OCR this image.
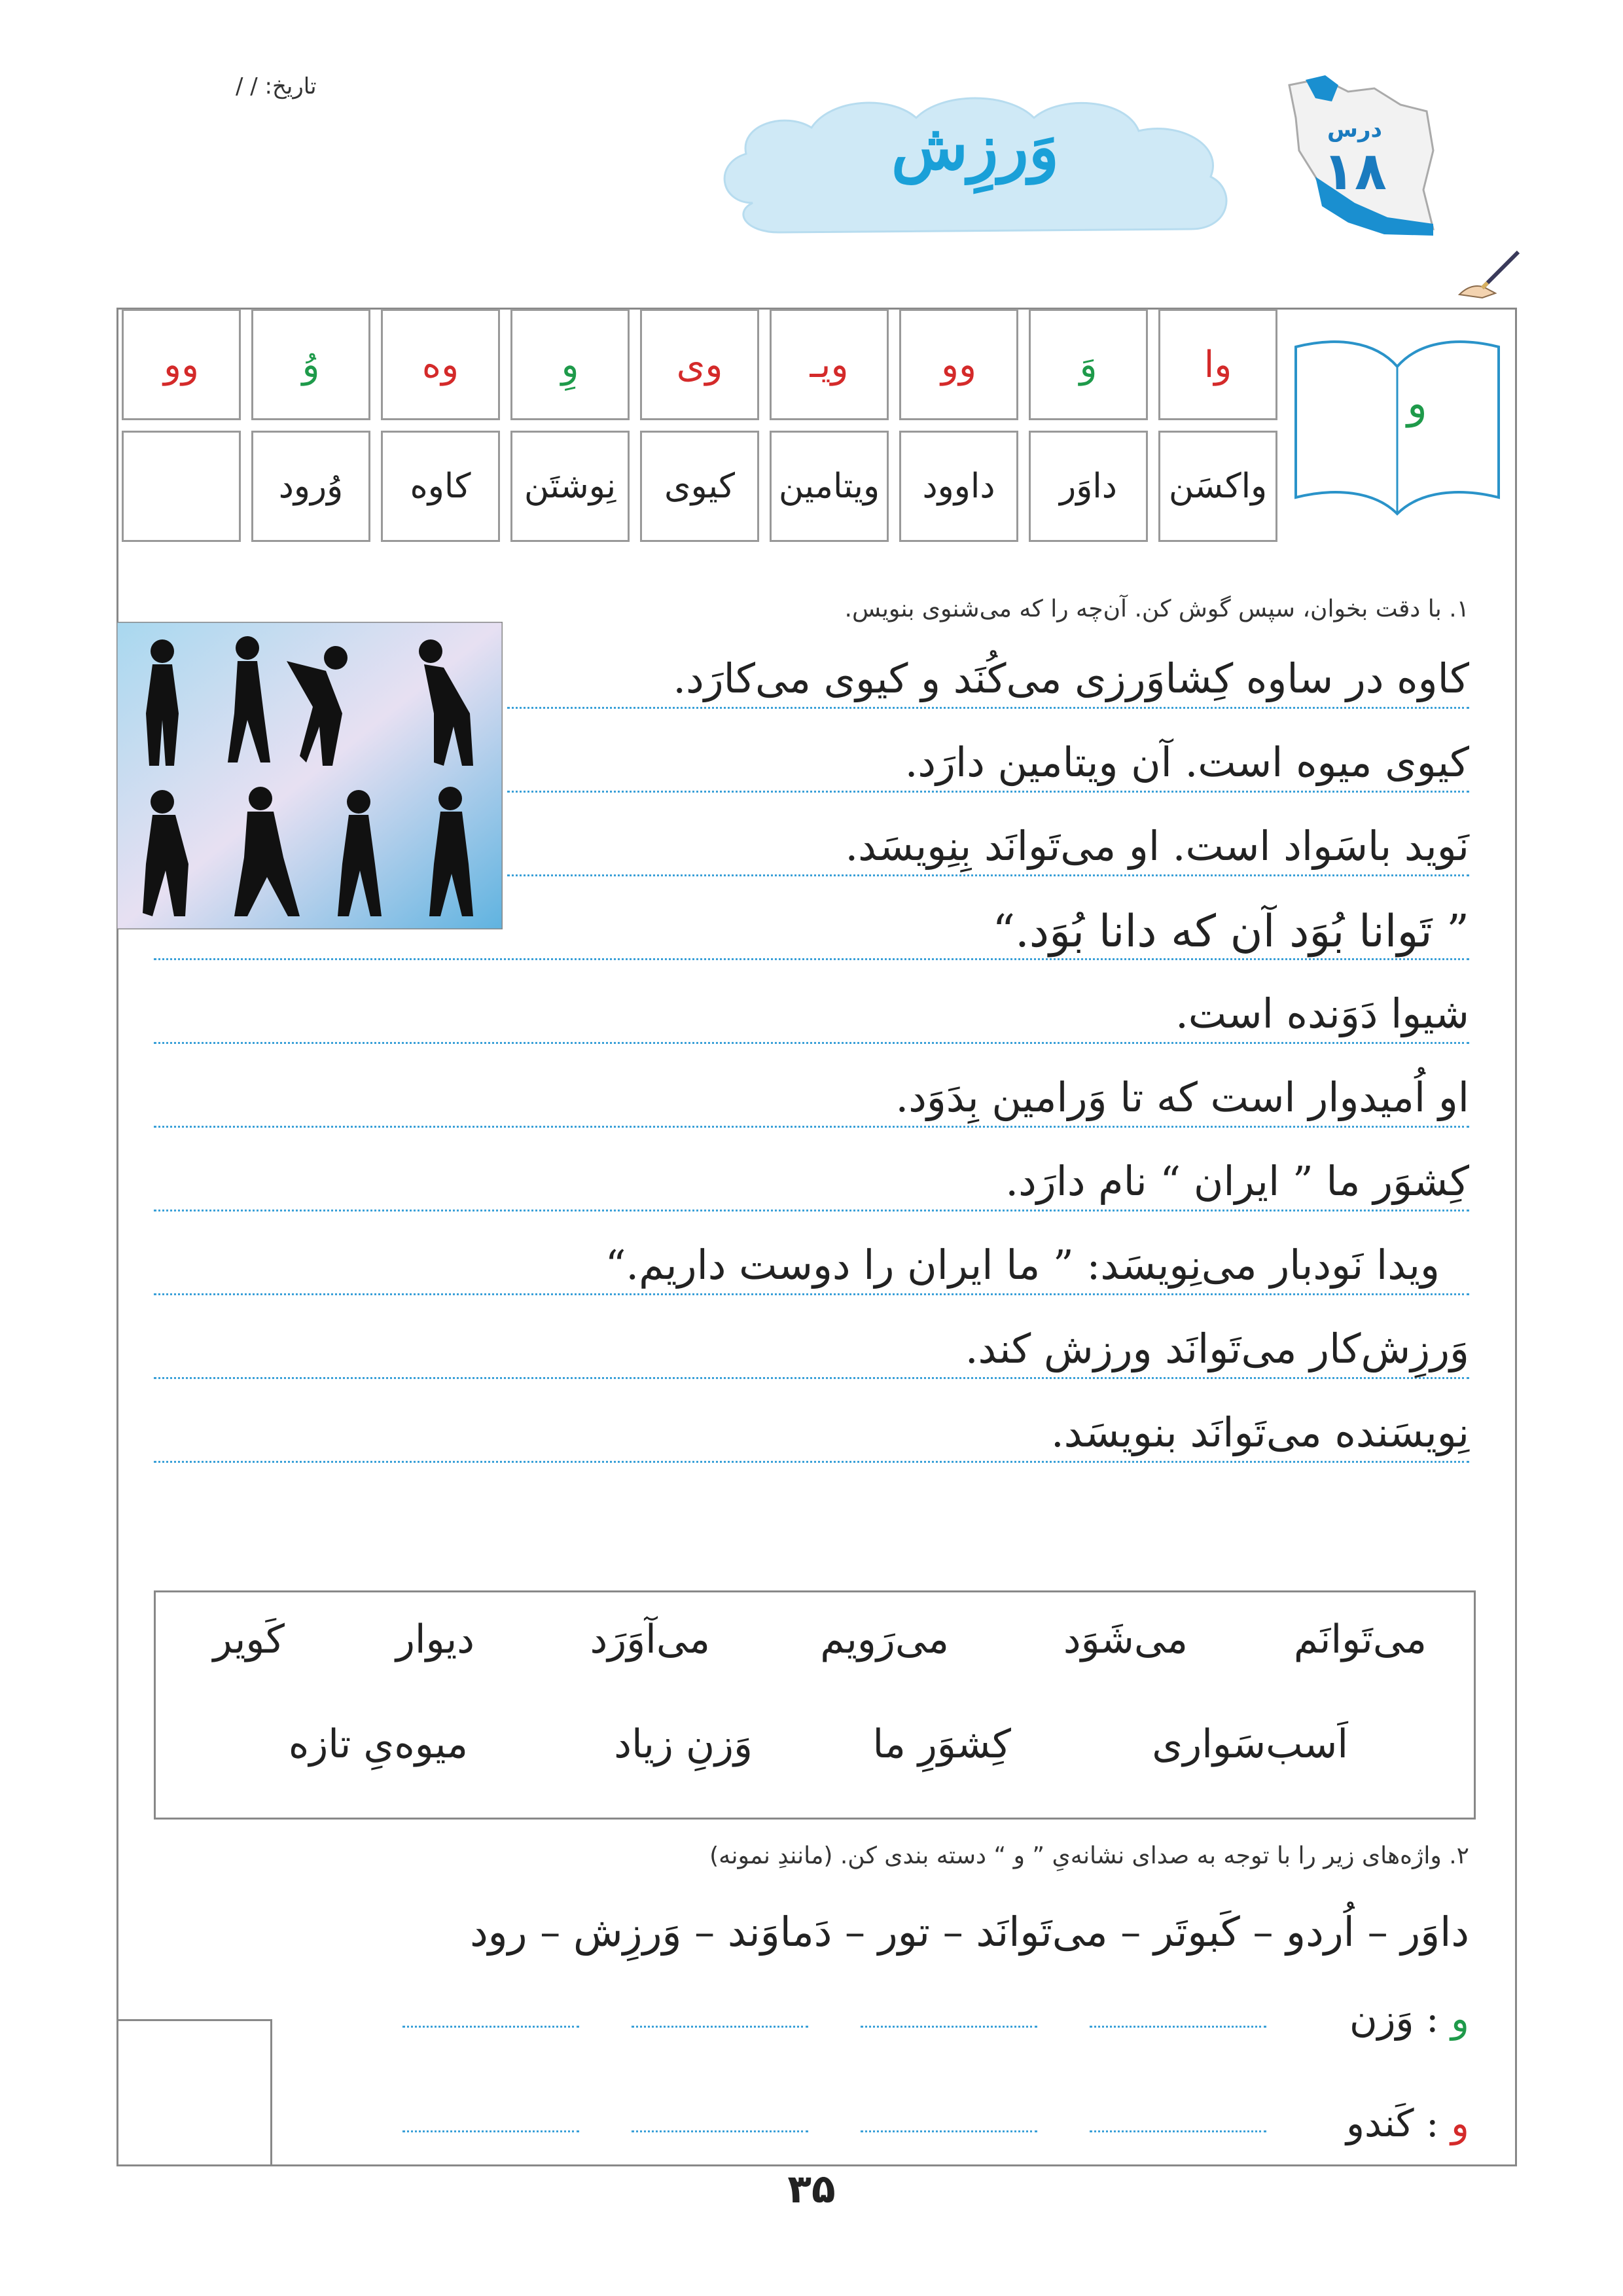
تاریخ: / /
وَرزِش	درس
۱۸
وا
وَ
وو
ویـ
وی
وِ
وه
وُ
وو
واکسَن
داوَر
داوود
ویتامین
کیوی
نِوشتَن
کاوه
وُرود
و
۱. با دقت بخوان، سپس گوش کن. آن‌چه را که می‌شنوی بنویس.
کاوه در ساوه کِشاوَرزی می‌کُنَد و کیوی می‌کارَد.
کیوی میوه است. آن ویتامین دارَد.
نَوید باسَواد است. او می‌تَوانَد بِنِویسَد.
” تَوانا بُوَد آن که دانا بُوَد.“
شیوا دَوَنده است.
او اُمیدوار است که تا وَرامین بِدَوَد.
کِشوَر ما ” ایران “ نام دارَد.
ویدا نَودبار می‌نِویسَد: ” ما ایران را دوست داریم.“
وَرزِش‌کار می‌تَوانَد ورزش کند.
نِویسَنده می‌تَوانَد بنویسَد.
می‌تَوانَم
می‌شَوَد
می‌رَویم
می‌آوَرَد
دیوار
کَویر
اَسب‌سَواری
کِشوَرِ ما
وَزنِ زیاد
میوه‌یِ تازه
۲. واژه‌های زیر را با توجه به صدای نشانه‌یِ ” و “ دسته بندی کن. (مانندِ نمونه)
داوَر – اُردو – کَبوتَر – می‌تَوانَد – تور – دَماوَند – وَرزِش – رود
و : وَزن
و : کَندو
۳۵
